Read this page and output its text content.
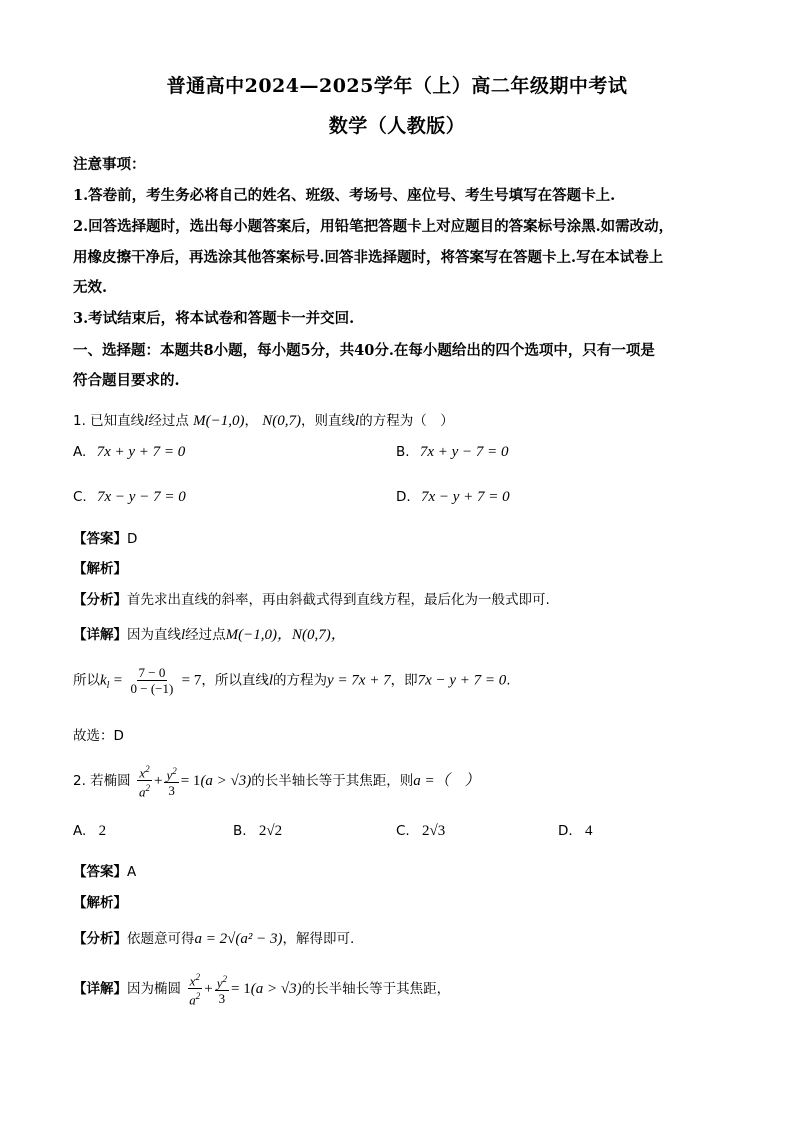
普通高中2024—2025学年（上）高二年级期中考试
数学（人教版）
注意事项：
1.答卷前，考生务必将自己的姓名、班级、考场号、座位号、考生号填写在答题卡上.
2.回答选择题时，选出每小题答案后，用铅笔把答题卡上对应题目的答案标号涂黑.如需改动，
用橡皮擦干净后，再选涂其他答案标号.回答非选择题时，将答案写在答题卡上.写在本试卷上
无效.
3.考试结束后，将本试卷和答题卡一并交回.
一、选择题：本题共8小题，每小题5分，共40分.在每小题给出的四个选项中，只有一项是
符合题目要求的.
1. 已知直线l经过点 M(−1,0)， N(0,7)，则直线l的方程为（　）
A. 7x + y + 7 = 0	B. 7x + y − 7 = 0
C. 7x − y − 7 = 0	D. 7x − y + 7 = 0
【答案】D
【解析】
【分析】首先求出直线的斜率，再由斜截式得到直线方程，最后化为一般式即可.
【详解】因为直线l经过点M(−1,0)，N(0,7)，
所以$k_l = \frac{7 - 0}{0 - (-1)} = 7$，所以直线l的方程为y = 7x + 7，即7x − y + 7 = 0.
故选：D
2. 若椭圆 $\frac{x^2}{a^2} + \frac{y^2}{3} = 1(a > √3)$的长半轴长等于其焦距，则a =（　）
A. 2	B. 2√2	C. 2√3	D. 4
【答案】A
【解析】
【分析】依题意可得a = 2√(a² − 3)，解得即可.
【详解】因为椭圆 $\frac{x^2}{a^2} + \frac{y^2}{3} = 1(a > √3)$的长半轴长等于其焦距，
